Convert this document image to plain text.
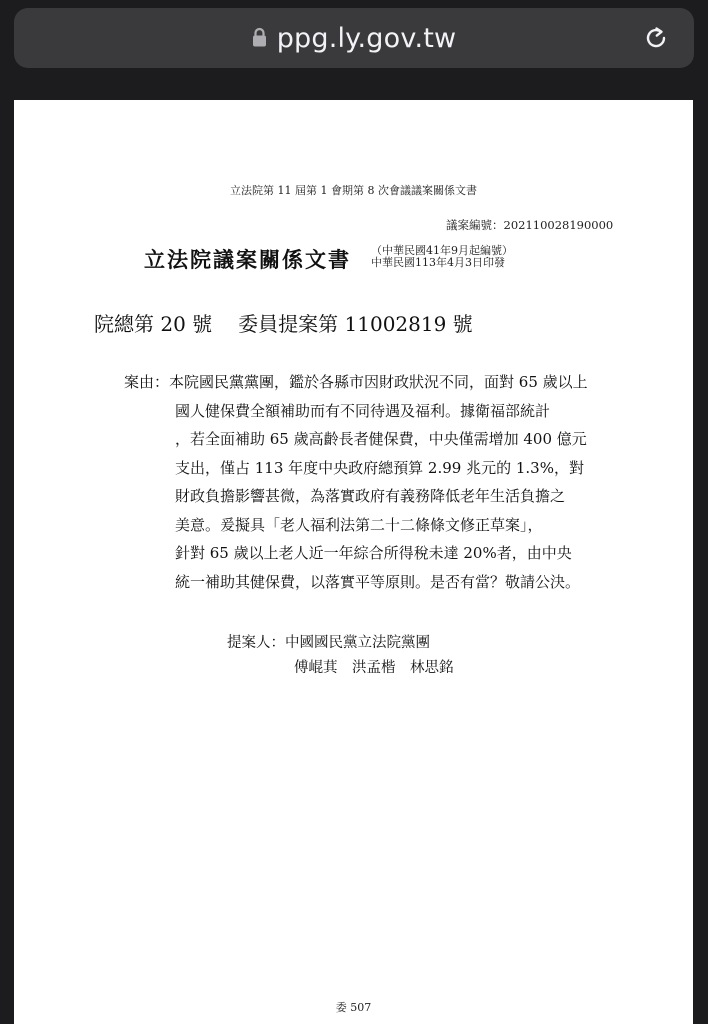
ppg.ly.gov.tw
立法院第 11 屆第 1 會期第 8 次會議議案關係文書
議案編號：202110028190000
立法院議案關係文書 （中華民國41年9月起編號）
中華民國113年4月3日印發
院總第 20 號 委員提案第 11002819 號
案由：本院國民黨黨團，鑑於各縣市因財政狀況不同，面對 65 歲以上
國人健保費全額補助而有不同待遇及福利。據衛福部統計
，若全面補助 65 歲高齡長者健保費，中央僅需增加 400 億元
支出，僅占 113 年度中央政府總預算 2.99 兆元的 1.3%，對
財政負擔影響甚微，為落實政府有義務降低老年生活負擔之
美意。爰擬具「老人福利法第二十二條條文修正草案」，
針對 65 歲以上老人近一年綜合所得稅未達 20%者，由中央
統一補助其健保費，以落實平等原則。是否有當？敬請公決。
提案人：中國國民黨立法院黨團
傅崐萁　洪孟楷　林思銘
委 507
